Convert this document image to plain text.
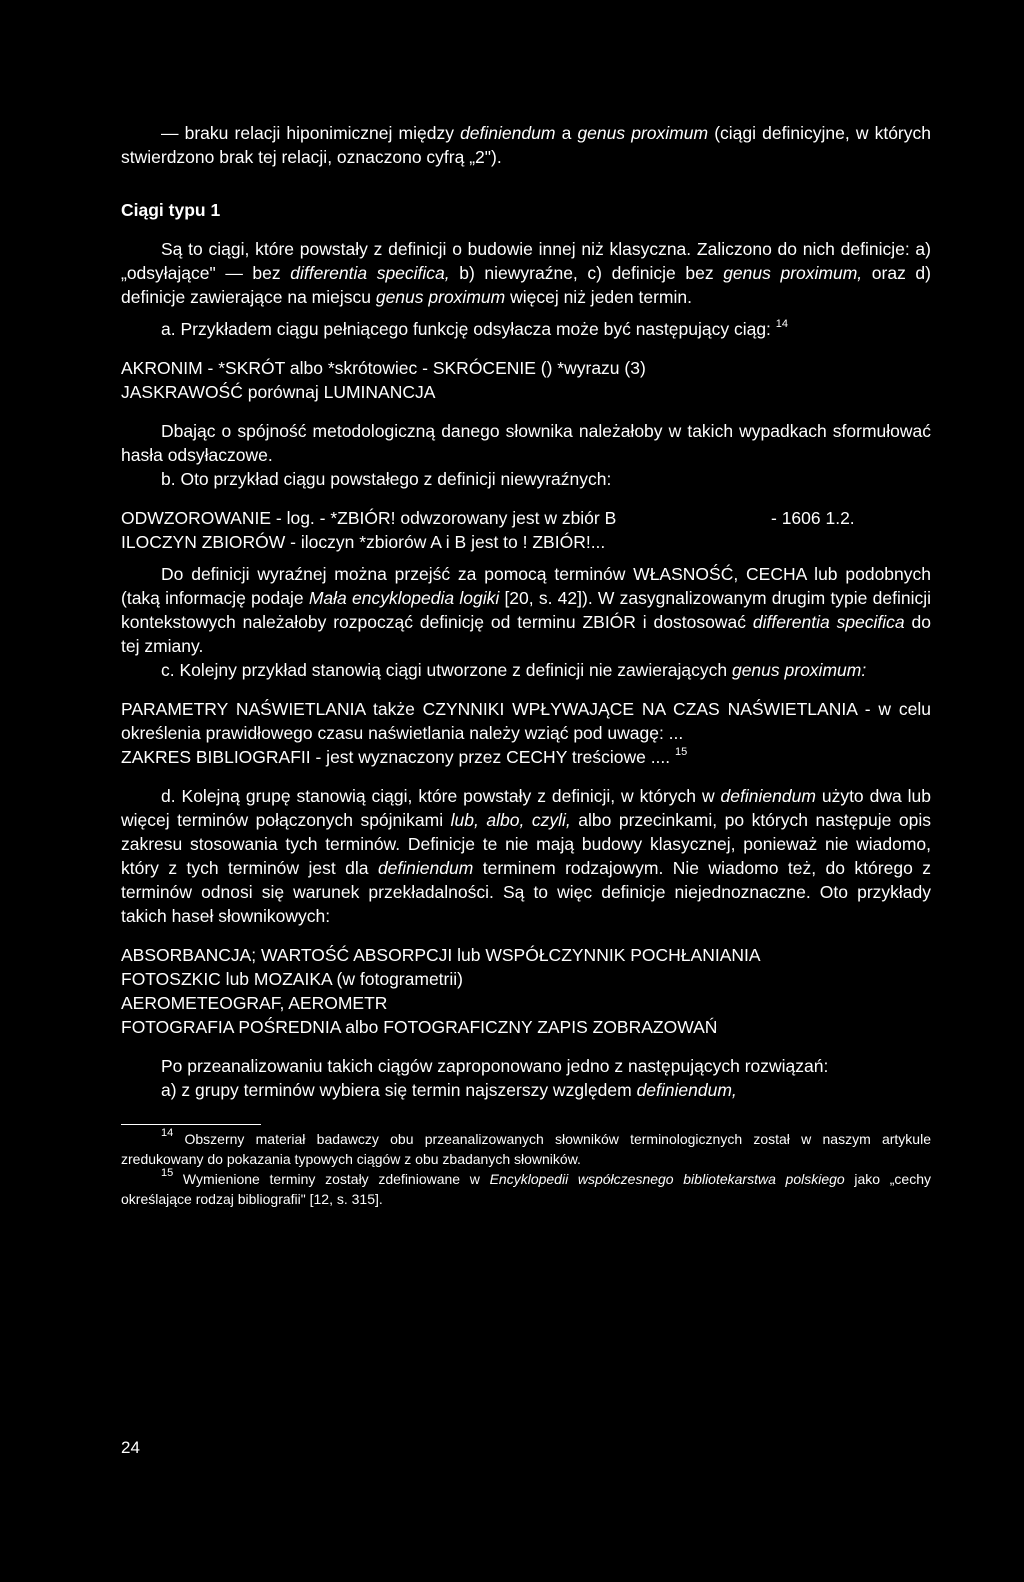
— braku relacji hiponimicznej między definiendum a genus proximum (ciągi definicyjne, w których stwierdzono brak tej relacji, oznaczono cyfrą „2").

Ciągi typu 1

Są to ciągi, które powstały z definicji o budowie innej niż klasyczna. Zaliczono do nich definicje: a) „odsyłające" — bez differentia specifica, b) niewyraźne, c) definicje bez genus proximum, oraz d) definicje zawierające na miejscu genus proximum więcej niż jeden termin.

a. Przykładem ciągu pełniącego funkcję odsyłacza może być następujący ciąg: $^{14}$

AKRONIM - *SKRÓT albo *skrótowiec - SKRÓCENIE () *wyrazu (3)
JASKRAWOŚĆ porównaj LUMINANCJA

Dbając o spójność metodologiczną danego słownika należałoby w takich wypadkach sformułować hasła odsyłaczowe.

b. Oto przykład ciągu powstałego z definicji niewyraźnych:

ODWZOROWANIE - log. - *ZBIÓR! odwzorowany jest w zbiór B	- 1606 1.2.
ILOCZYN ZBIORÓW - iloczyn *zbiorów A i B jest to ! ZBIÓR!...

Do definicji wyraźnej można przejść za pomocą terminów WŁASNOŚĆ, CECHA lub podobnych (taką informację podaje Mała encyklopedia logiki [20, s. 42]). W zasygnalizowanym drugim typie definicji kontekstowych należałoby rozpocząć definicję od terminu ZBIÓR i dostosować differentia specifica do tej zmiany.

c. Kolejny przykład stanowią ciągi utworzone z definicji nie zawierających genus proximum:

PARAMETRY NAŚWIETLANIA także CZYNNIKI WPŁYWAJĄCE NA CZAS NAŚWIETLANIA - w celu określenia prawidłowego czasu naświetlania należy wziąć pod uwagę: ...
ZAKRES BIBLIOGRAFII - jest wyznaczony przez CECHY treściowe .... $^{15}$

d. Kolejną grupę stanowią ciągi, które powstały z definicji, w których w definiendum użyto dwa lub więcej terminów połączonych spójnikami lub, albo, czyli, albo przecinkami, po których następuje opis zakresu stosowania tych terminów. Definicje te nie mają budowy klasycznej, ponieważ nie wiadomo, który z tych terminów jest dla definiendum terminem rodzajowym. Nie wiadomo też, do którego z terminów odnosi się warunek przekładalności. Są to więc definicje niejednoznaczne. Oto przykłady takich haseł słownikowych:

ABSORBANCJA; WARTOŚĆ ABSORPCJI lub WSPÓŁCZYNNIK POCHŁANIANIA
FOTOSZKIC lub MOZAIKA (w fotogrametrii)
AEROMETEOGRAF, AEROMETR
FOTOGRAFIA POŚREDNIA albo FOTOGRAFICZNY ZAPIS ZOBRAZOWAŃ

Po przeanalizowaniu takich ciągów zaproponowano jedno z następujących rozwiązań:

a) z grupy terminów wybiera się termin najszerszy względem definiendum,

$^{14}$ Obszerny materiał badawczy obu przeanalizowanych słowników terminologicznych został w naszym artykule zredukowany do pokazania typowych ciągów z obu zbadanych słowników.

$^{15}$ Wymienione terminy zostały zdefiniowane w Encyklopedii współczesnego bibliotekarstwa polskiego jako „cechy określające rodzaj bibliografii" [12, s. 315].

24
